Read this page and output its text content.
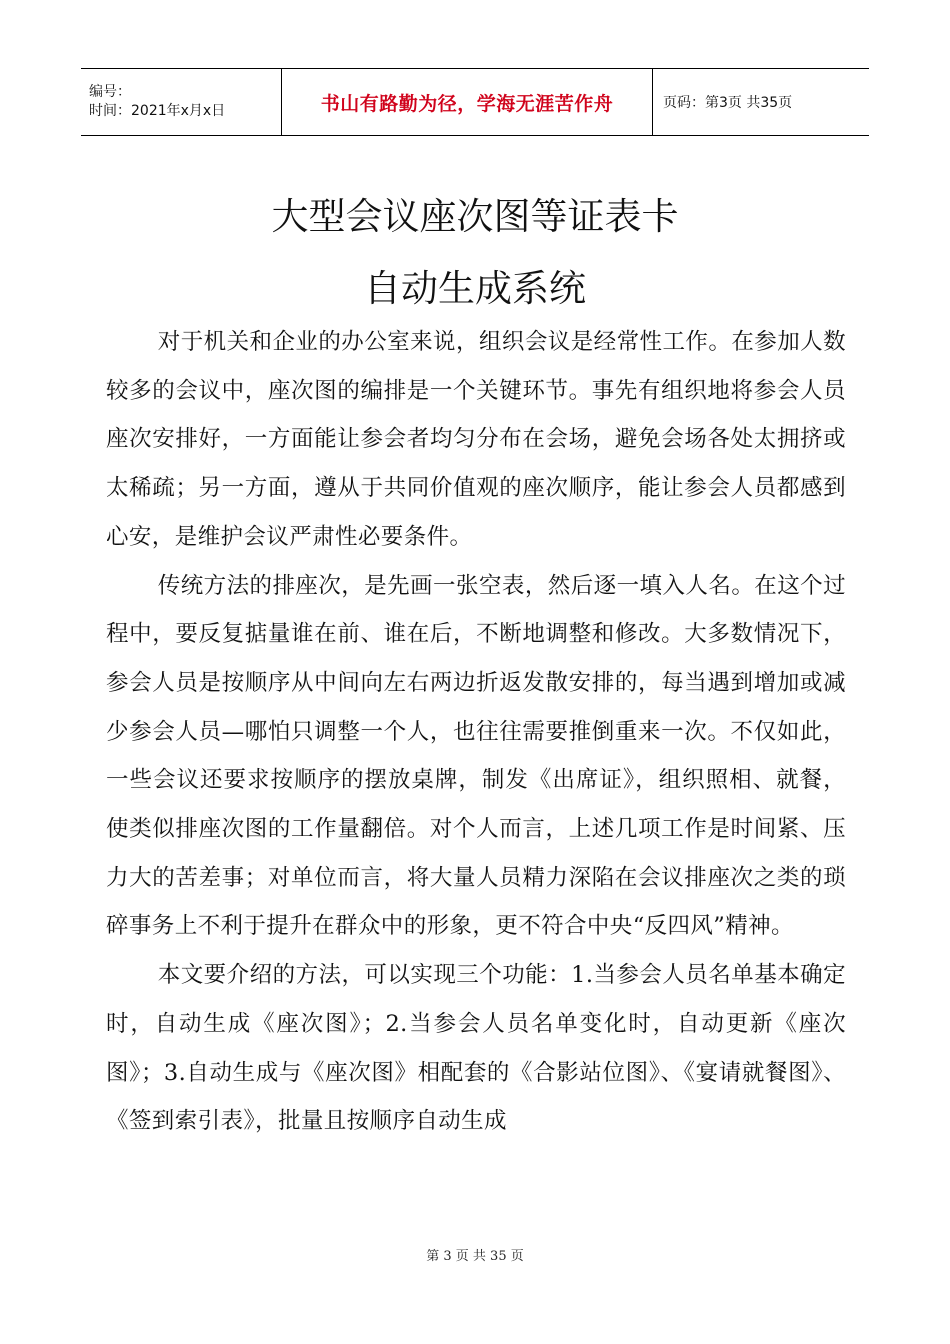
编号：
时间：2021年x月x日	书山有路勤为径，学海无涯苦作舟	页码：第3页 共35页
大型会议座次图等证表卡
自动生成系统

对于机关和企业的办公室来说，组织会议是经常性工作。在参加人数较多的会议中，座次图的编排是一个关键环节。事先有组织地将参会人员座次安排好，一方面能让参会者均匀分布在会场，避免会场各处太拥挤或太稀疏；另一方面，遵从于共同价值观的座次顺序，能让参会人员都感到心安，是维护会议严肃性必要条件。

传统方法的排座次，是先画一张空表，然后逐一填入人名。在这个过程中，要反复掂量谁在前、谁在后，不断地调整和修改。大多数情况下，参会人员是按顺序从中间向左右两边折返发散安排的，每当遇到增加或减少参会人员—哪怕只调整一个人，也往往需要推倒重来一次。不仅如此，一些会议还要求按顺序的摆放桌牌，制发《出席证》，组织照相、就餐，使类似排座次图的工作量翻倍。对个人而言，上述几项工作是时间紧、压力大的苦差事；对单位而言，将大量人员精力深陷在会议排座次之类的琐碎事务上不利于提升在群众中的形象，更不符合中央“反四风”精神。

本文要介绍的方法，可以实现三个功能：1.当参会人员名单基本确定时，自动生成《座次图》；2.当参会人员名单变化时，自动更新《座次图》；3.自动生成与《座次图》相配套的《合影站位图》、《宴请就餐图》、《签到索引表》，批量且按顺序自动生成

第 3 页 共 35 页
